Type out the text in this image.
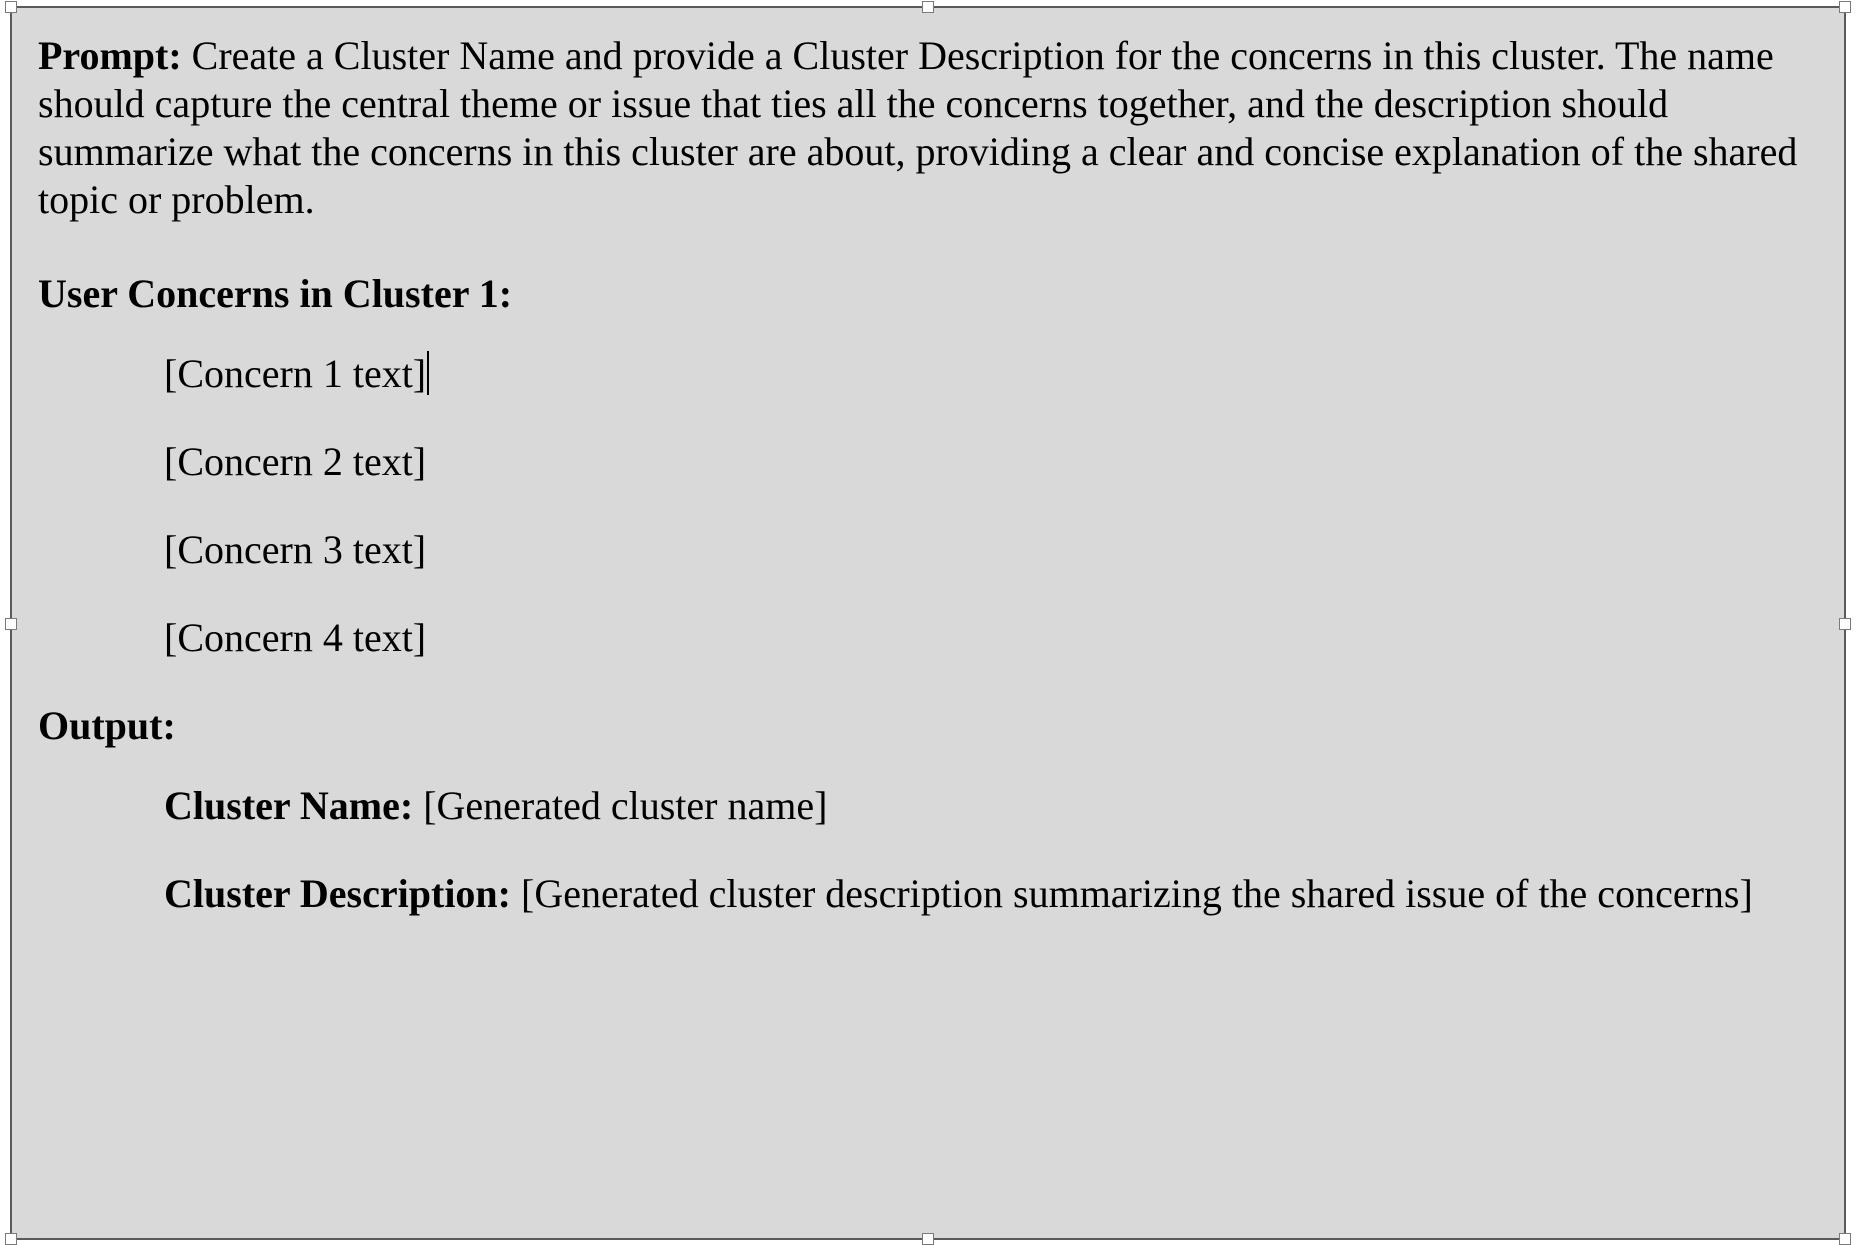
Prompt: Create a Cluster Name and provide a Cluster Description for the concerns in this cluster. The name should capture the central theme or issue that ties all the concerns together, and the description should summarize what the concerns in this cluster are about, providing a clear and concise explanation of the shared topic or problem.
User Concerns in Cluster 1:
[Concern 1 text]
[Concern 2 text]
[Concern 3 text]
[Concern 4 text]
Output:
Cluster Name: [Generated cluster name]
Cluster Description: [Generated cluster description summarizing the shared issue of the concerns]
